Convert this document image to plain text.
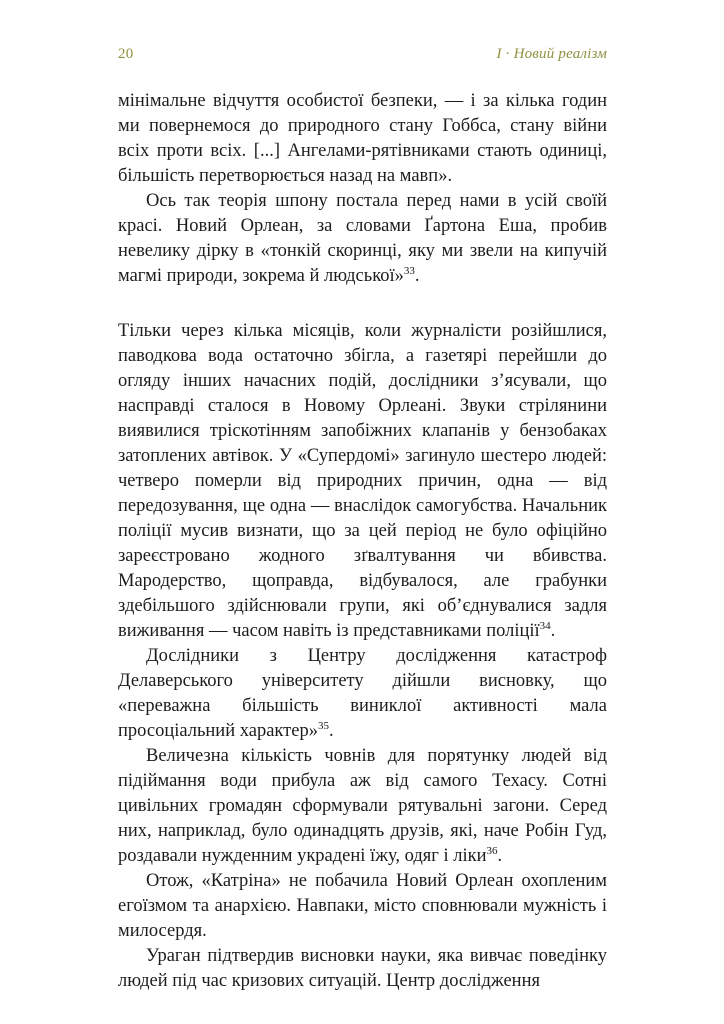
20	І · Новий реалізм

мінімальне відчуття особистої безпеки, — і за кілька годин ми повернемося до природного стану Гоббса, стану війни всіх проти всіх. [...] Ангелами-рятівниками стають одиниці, більшість перетворюється назад на мавп».

Ось так теорія шпону постала перед нами в усій своїй красі. Новий Орлеан, за словами Ґартона Еша, пробив невелику дірку в «тонкій скоринці, яку ми звели на кипучій магмі природи, зокрема й людської»$^{33}$.

Тільки через кілька місяців, коли журналісти розійшлися, паводкова вода остаточно збігла, а газетярі перейшли до огляду інших начасних подій, дослідники з’ясували, що насправді сталося в Новому Орлеані. Звуки стрілянини виявилися тріскотінням запобіжних клапанів у бензобаках затоплених автівок. У «Супердомі» загинуло шестеро людей: четверо померли від природних причин, одна — від передозування, ще одна — внаслідок самогубства. Начальник поліції мусив визнати, що за цей період не було офіційно зареєстровано жодного зґвалтування чи вбивства. Мародерство, щоправда, відбувалося, але грабунки здебільшого здійснювали групи, які об’єднувалися задля виживання — часом навіть із представниками поліції$^{34}$.

Дослідники з Центру дослідження катастроф Делаверського університету дійшли висновку, що «переважна більшість виниклої активності мала просоціальний характер»$^{35}$.

Величезна кількість човнів для порятунку людей від підіймання води прибула аж від самого Техасу. Сотні цивільних громадян сформували рятувальні загони. Серед них, наприклад, було одинадцять друзів, які, наче Робін Гуд, роздавали нужденним украдені їжу, одяг і ліки$^{36}$.

Отож, «Катріна» не побачила Новий Орлеан охопленим егоїзмом та анархією. Навпаки, місто сповнювали мужність і милосердя.

Ураган підтвердив висновки науки, яка вивчає поведінку людей під час кризових ситуацій. Центр дослідження
